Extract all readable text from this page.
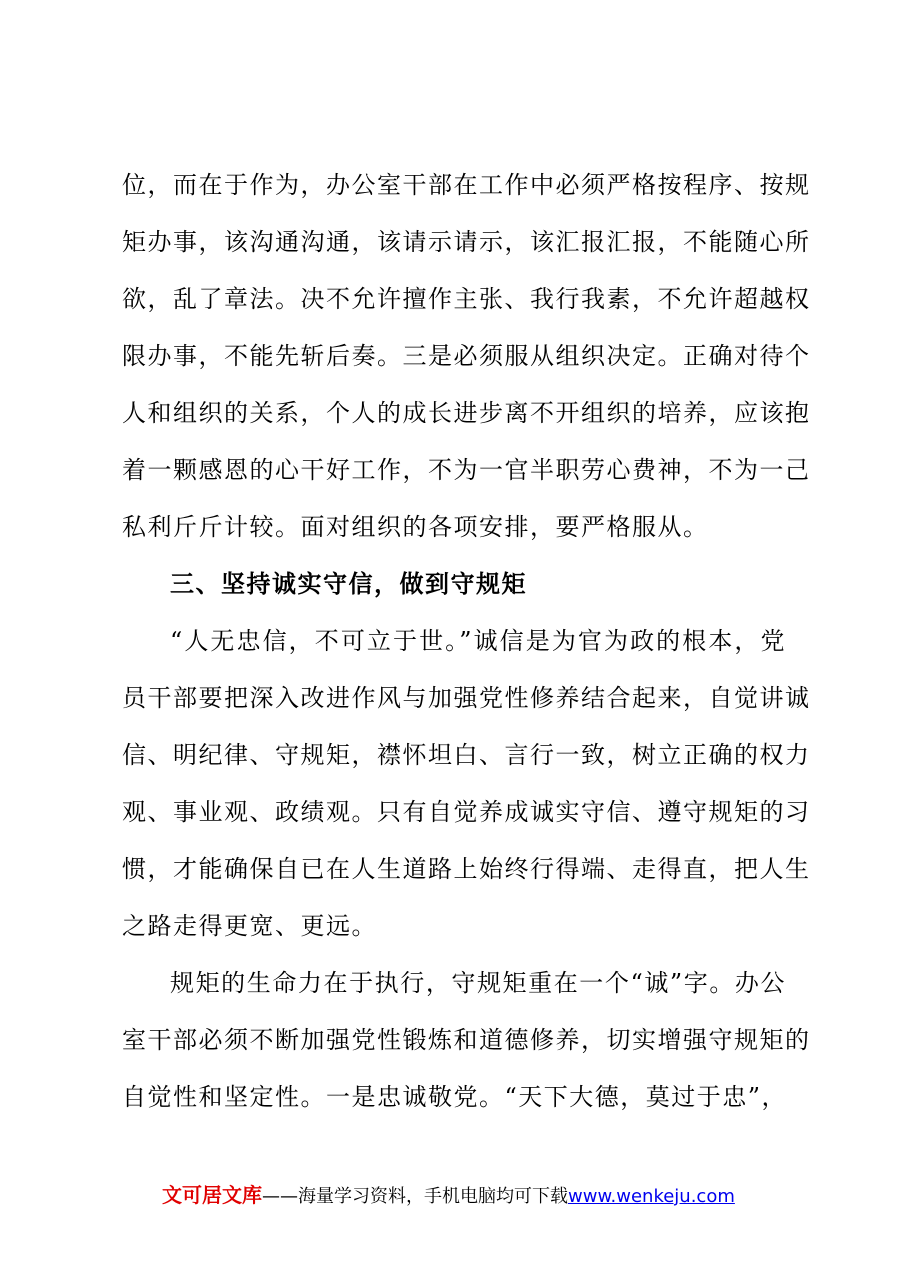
位，而在于作为，办公室干部在工作中必须严格按程序、按规
矩办事，该沟通沟通，该请示请示，该汇报汇报，不能随心所
欲，乱了章法。决不允许擅作主张、我行我素，不允许超越权
限办事，不能先斩后奏。三是必须服从组织决定。正确对待个
人和组织的关系，个人的成长进步离不开组织的培养，应该抱
着一颗感恩的心干好工作，不为一官半职劳心费神，不为一己
私利斤斤计较。面对组织的各项安排，要严格服从。
三、坚持诚实守信，做到守规矩
“人无忠信，不可立于世。”诚信是为官为政的根本，党
员干部要把深入改进作风与加强党性修养结合起来，自觉讲诚
信、明纪律、守规矩，襟怀坦白、言行一致，树立正确的权力
观、事业观、政绩观。只有自觉养成诚实守信、遵守规矩的习
惯，才能确保自已在人生道路上始终行得端、走得直，把人生
之路走得更宽、更远。
规矩的生命力在于执行，守规矩重在一个“诚”字。办公
室干部必须不断加强党性锻炼和道德修养，切实增强守规矩的
自觉性和坚定性。一是忠诚敬党。“天下大德，莫过于忠”，
文可居文库——海量学习资料，手机电脑均可下载www.wenkeju.com
